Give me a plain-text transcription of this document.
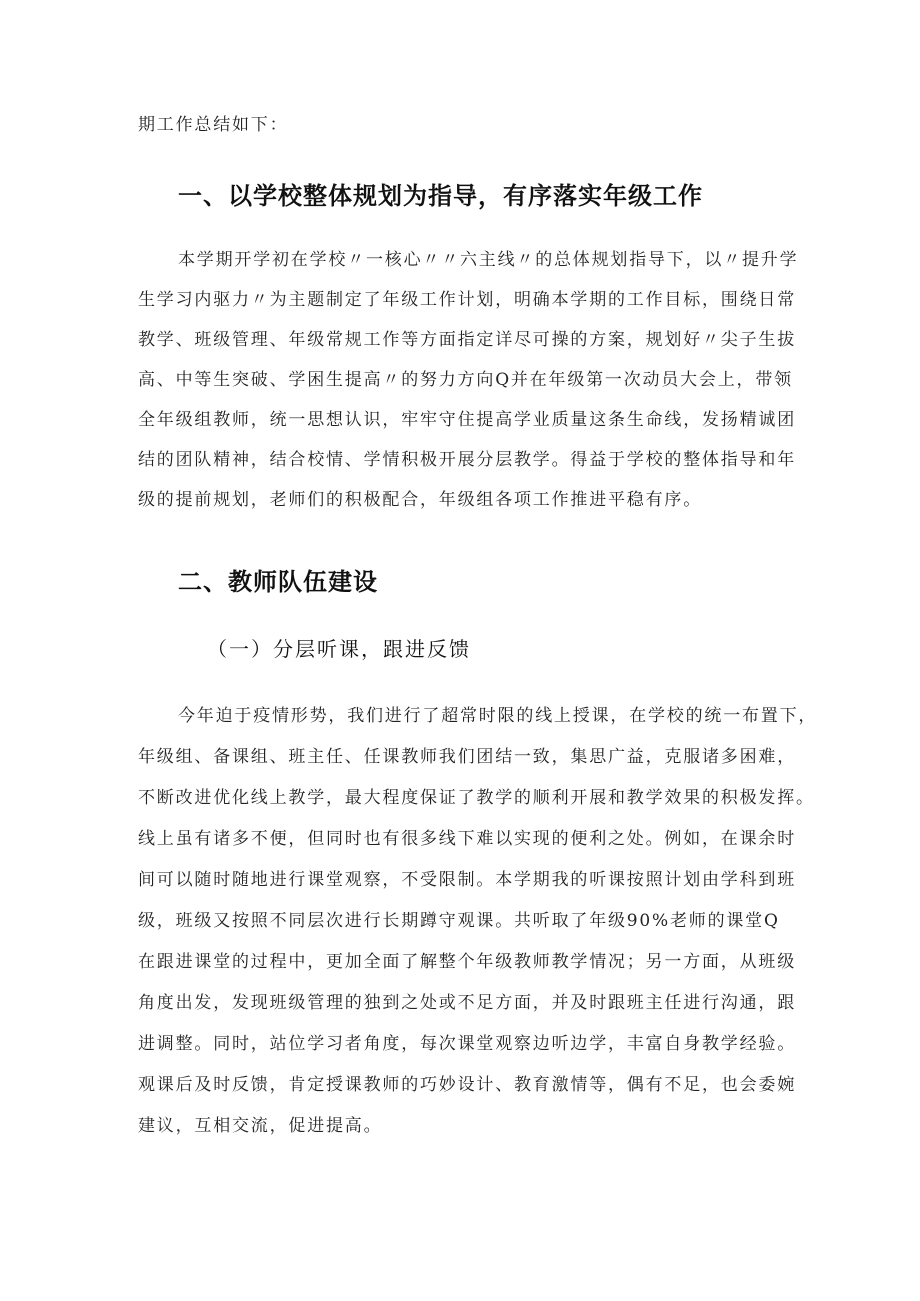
期工作总结如下：
一、以学校整体规划为指导，有序落实年级工作
本学期开学初在学校〃一核心〃〃六主线〃的总体规划指导下，以〃提升学
生学习内驱力〃为主题制定了年级工作计划，明确本学期的工作目标，围绕日常
教学、班级管理、年级常规工作等方面指定详尽可操的方案，规划好〃尖子生拔
高、中等生突破、学困生提高〃的努力方向Q并在年级第一次动员大会上，带领
全年级组教师，统一思想认识，牢牢守住提高学业质量这条生命线，发扬精诚团
结的团队精神，结合校情、学情积极开展分层教学。得益于学校的整体指导和年
级的提前规划，老师们的积极配合，年级组各项工作推进平稳有序。
二、教师队伍建设
（一）分层听课，跟进反馈
今年迫于疫情形势，我们进行了超常时限的线上授课，在学校的统一布置下，
年级组、备课组、班主任、任课教师我们团结一致，集思广益，克服诸多困难，
不断改进优化线上教学，最大程度保证了教学的顺利开展和教学效果的积极发挥。
线上虽有诸多不便，但同时也有很多线下难以实现的便利之处。例如，在课余时
间可以随时随地进行课堂观察，不受限制。本学期我的听课按照计划由学科到班
级，班级又按照不同层次进行长期蹲守观课。共听取了年级90%老师的课堂Q
在跟进课堂的过程中，更加全面了解整个年级教师教学情况；另一方面，从班级
角度出发，发现班级管理的独到之处或不足方面，并及时跟班主任进行沟通，跟
进调整。同时，站位学习者角度，每次课堂观察边听边学，丰富自身教学经验。
观课后及时反馈，肯定授课教师的巧妙设计、教育激情等，偶有不足，也会委婉
建议，互相交流，促进提高。
